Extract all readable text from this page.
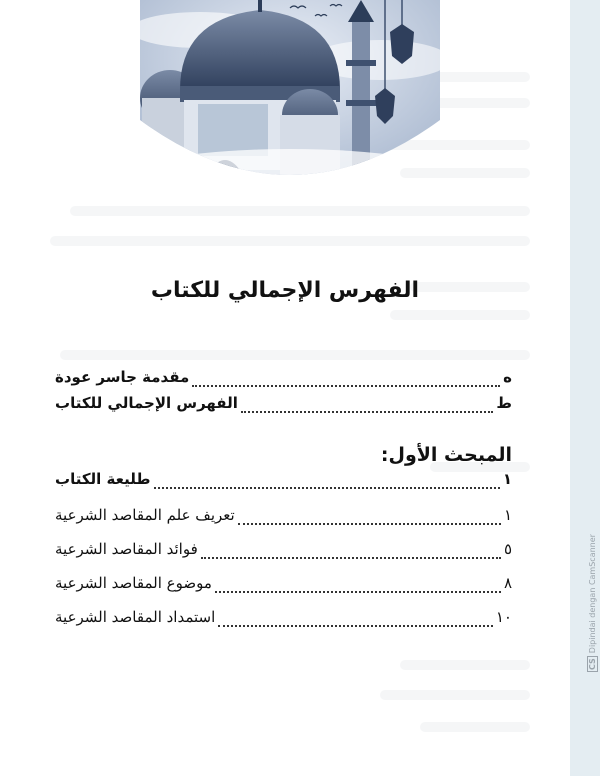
الفهرس الإجمالي للكتاب
مقدمة جاسر عودة	ه
الفهرس الإجمالي للكتاب	ط
المبحث الأول:
طليعة الكتاب	١
تعريف علم المقاصد الشرعية	١
فوائد المقاصد الشرعية	٥
موضوع المقاصد الشرعية	٨
استمداد المقاصد الشرعية	١٠
CSDipindai dengan CamScanner
